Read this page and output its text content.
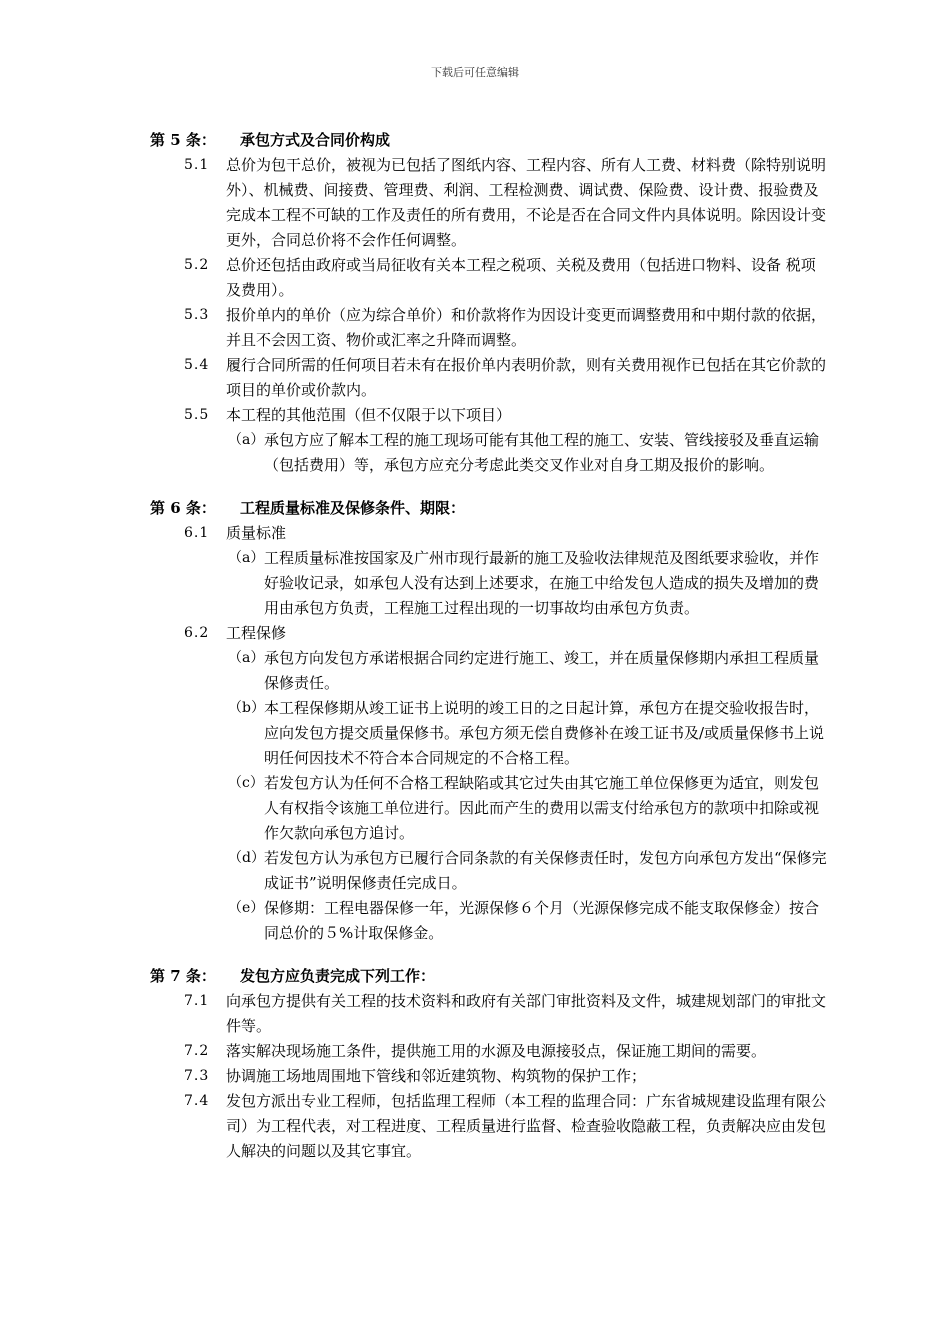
下载后可任意编辑
第 5 条： 承包方式及合同价构成
5.1 总价为包干总价，被视为已包括了图纸内容、工程内容、所有人工费、材料费（除特别说明外）、机械费、间接费、管理费、利润、工程检测费、调试费、保险费、设计费、报验费及完成本工程不可缺的工作及责任的所有费用，不论是否在合同文件内具体说明。除因设计变更外，合同总价将不会作任何调整。
5.2 总价还包括由政府或当局征收有关本工程之税项、关税及费用（包括进口物料、设备 税项及费用）。
5.3 报价单内的单价（应为综合单价）和价款将作为因设计变更而调整费用和中期付款的依据，并且不会因工资、物价或汇率之升降而调整。
5.4 履行合同所需的任何项目若未有在报价单内表明价款，则有关费用视作已包括在其它价款的项目的单价或价款内。
5.5 本工程的其他范围（但不仅限于以下项目）
（a） 承包方应了解本工程的施工现场可能有其他工程的施工、安装、管线接驳及垂直运输（包括费用）等，承包方应充分考虑此类交叉作业对自身工期及报价的影响。
第 6 条： 工程质量标准及保修条件、期限：
6.1 质量标准
（a） 工程质量标准按国家及广州市现行最新的施工及验收法律规范及图纸要求验收，并作好验收记录，如承包人没有达到上述要求，在施工中给发包人造成的损失及增加的费用由承包方负责，工程施工过程出现的一切事故均由承包方负责。
6.2 工程保修
（a） 承包方向发包方承诺根据合同约定进行施工、竣工，并在质量保修期内承担工程质量保修责任。
（b） 本工程保修期从竣工证书上说明的竣工日的之日起计算，承包方在提交验收报告时，应向发包方提交质量保修书。承包方须无偿自费修补在竣工证书及/或质量保修书上说明任何因技术不符合本合同规定的不合格工程。
（c） 若发包方认为任何不合格工程缺陷或其它过失由其它施工单位保修更为适宜，则发包人有权指令该施工单位进行。因此而产生的费用以需支付给承包方的款项中扣除或视作欠款向承包方追讨。
（d） 若发包方认为承包方已履行合同条款的有关保修责任时，发包方向承包方发出“保修完成证书”说明保修责任完成日。
（e） 保修期：工程电器保修一年，光源保修６个月（光源保修完成不能支取保修金）按合同总价的５%计取保修金。
第 7 条： 发包方应负责完成下列工作：
7.1 向承包方提供有关工程的技术资料和政府有关部门审批资料及文件，城建规划部门的审批文件等。
7.2 落实解决现场施工条件，提供施工用的水源及电源接驳点，保证施工期间的需要。
7.3 协调施工场地周围地下管线和邻近建筑物、构筑物的保护工作；
7.4 发包方派出专业工程师，包括监理工程师（本工程的监理合同：广东省城规建设监理有限公司）为工程代表，对工程进度、工程质量进行监督、检查验收隐蔽工程，负责解决应由发包人解决的问题以及其它事宜。
